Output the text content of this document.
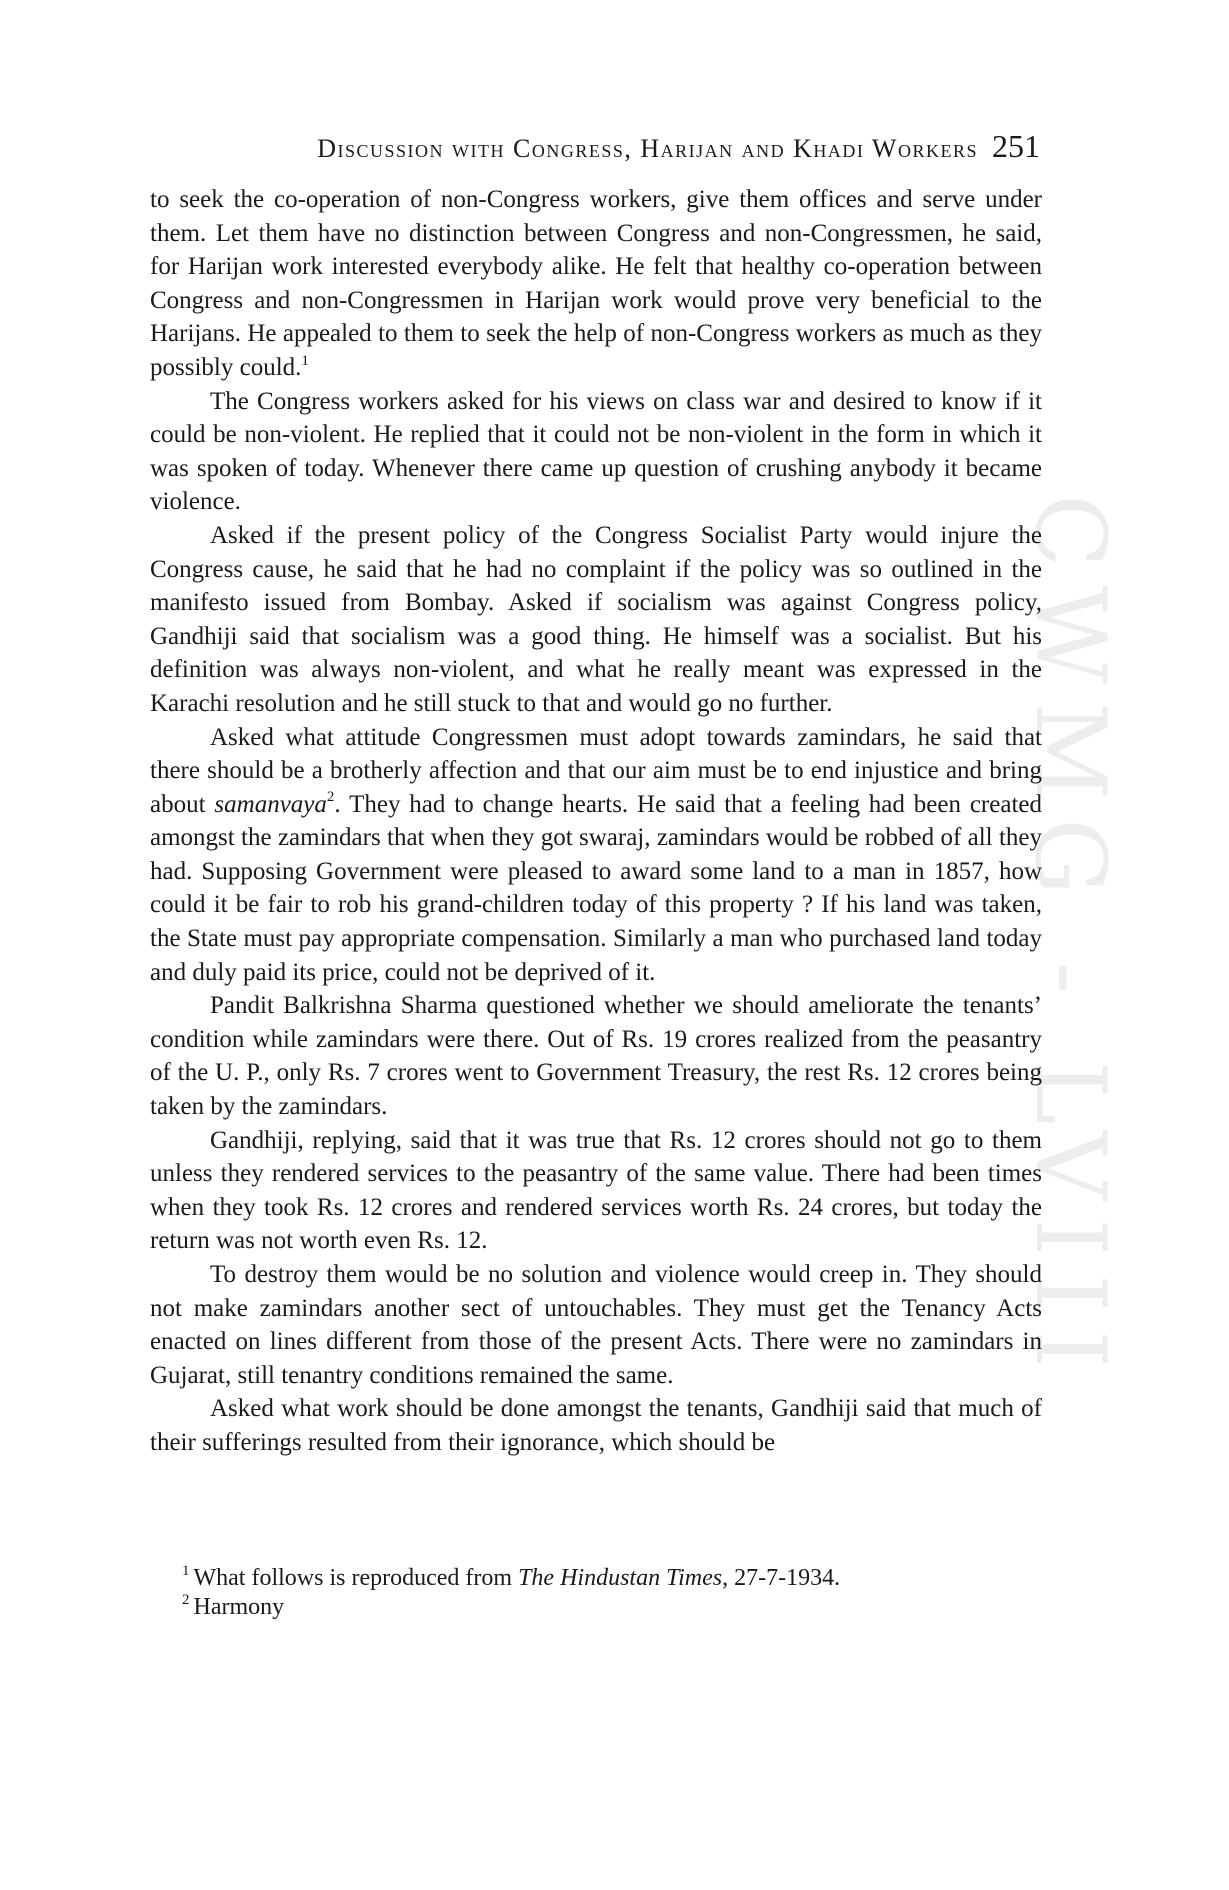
CWMG - LVIII
Discussion with Congress, Harijan and Khadi Workers 251

to seek the co-operation of non-Congress workers, give them offices and serve under them. Let them have no distinction between Congress and non-Congressmen, he said, for Harijan work interested everybody alike. He felt that healthy co-operation between Congress and non-Congressmen in Harijan work would prove very beneficial to the Harijans. He appealed to them to seek the help of non-Congress workers as much as they possibly could.$^1$

The Congress workers asked for his views on class war and desired to know if it could be non-violent. He replied that it could not be non-violent in the form in which it was spoken of today. Whenever there came up question of crushing anybody it became violence.

Asked if the present policy of the Congress Socialist Party would injure the Congress cause, he said that he had no complaint if the policy was so outlined in the manifesto issued from Bombay. Asked if socialism was against Congress policy, Gandhiji said that socialism was a good thing. He himself was a socialist. But his definition was always non-violent, and what he really meant was expressed in the Karachi resolution and he still stuck to that and would go no further.

Asked what attitude Congressmen must adopt towards zamindars, he said that there should be a brotherly affection and that our aim must be to end injustice and bring about samanvaya$^2$. They had to change hearts. He said that a feeling had been created amongst the zamindars that when they got swaraj, zamindars would be robbed of all they had. Supposing Government were pleased to award some land to a man in 1857, how could it be fair to rob his grand-children today of this property ? If his land was taken, the State must pay appropriate compensation. Similarly a man who purchased land today and duly paid its price, could not be deprived of it.

Pandit Balkrishna Sharma questioned whether we should ameliorate the tenants’ condition while zamindars were there. Out of Rs. 19 crores realized from the peasantry of the U. P., only Rs. 7 crores went to Government Treasury, the rest Rs. 12 crores being taken by the zamindars.

Gandhiji, replying, said that it was true that Rs. 12 crores should not go to them unless they rendered services to the peasantry of the same value. There had been times when they took Rs. 12 crores and rendered services worth Rs. 24 crores, but today the return was not worth even Rs. 12.

To destroy them would be no solution and violence would creep in. They should not make zamindars another sect of untouchables. They must get the Tenancy Acts enacted on lines different from those of the present Acts. There were no zamindars in Gujarat, still tenantry conditions remained the same.

Asked what work should be done amongst the tenants, Gandhiji said that much of their sufferings resulted from their ignorance, which should be

$^1$ What follows is reproduced from The Hindustan Times, 27-7-1934.

$^2$ Harmony
